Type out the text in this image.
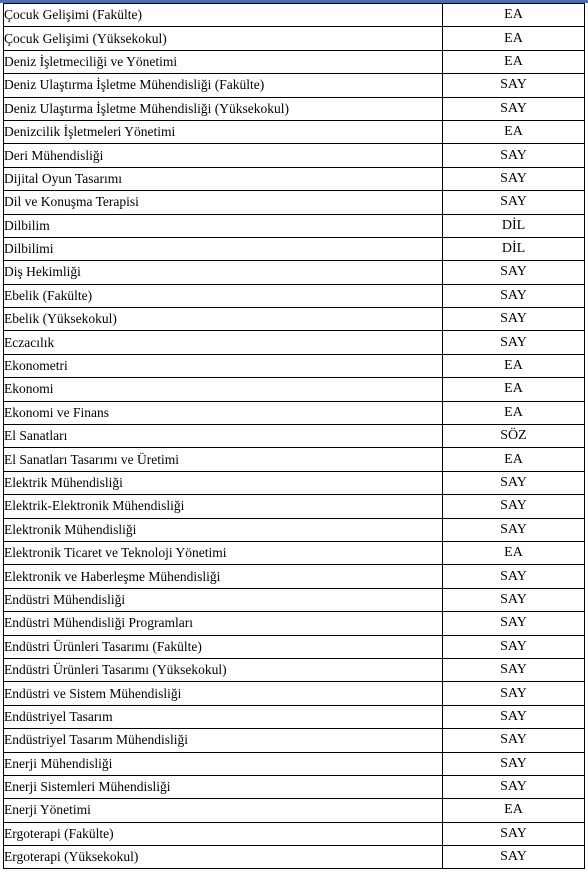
Çocuk Gelişimi (Fakülte)	EA
Çocuk Gelişimi (Yüksekokul)	EA
Deniz İşletmeciliği ve Yönetimi	EA
Deniz Ulaştırma İşletme Mühendisliği (Fakülte)	SAY
Deniz Ulaştırma İşletme Mühendisliği (Yüksekokul)	SAY
Denizcilik İşletmeleri Yönetimi	EA
Deri Mühendisliği	SAY
Dijital Oyun Tasarımı	SAY
Dil ve Konuşma Terapisi	SAY
Dilbilim	DİL
Dilbilimi	DİL
Diş Hekimliği	SAY
Ebelik (Fakülte)	SAY
Ebelik (Yüksekokul)	SAY
Eczacılık	SAY
Ekonometri	EA
Ekonomi	EA
Ekonomi ve Finans	EA
El Sanatları	SÖZ
El Sanatları Tasarımı ve Üretimi	EA
Elektrik Mühendisliği	SAY
Elektrik-Elektronik Mühendisliği	SAY
Elektronik Mühendisliği	SAY
Elektronik Ticaret ve Teknoloji Yönetimi	EA
Elektronik ve Haberleşme Mühendisliği	SAY
Endüstri Mühendisliği	SAY
Endüstri Mühendisliği Programları	SAY
Endüstri Ürünleri Tasarımı (Fakülte)	SAY
Endüstri Ürünleri Tasarımı (Yüksekokul)	SAY
Endüstri ve Sistem Mühendisliği	SAY
Endüstriyel Tasarım	SAY
Endüstriyel Tasarım Mühendisliği	SAY
Enerji Mühendisliği	SAY
Enerji Sistemleri Mühendisliği	SAY
Enerji Yönetimi	EA
Ergoterapi (Fakülte)	SAY
Ergoterapi (Yüksekokul)	SAY
